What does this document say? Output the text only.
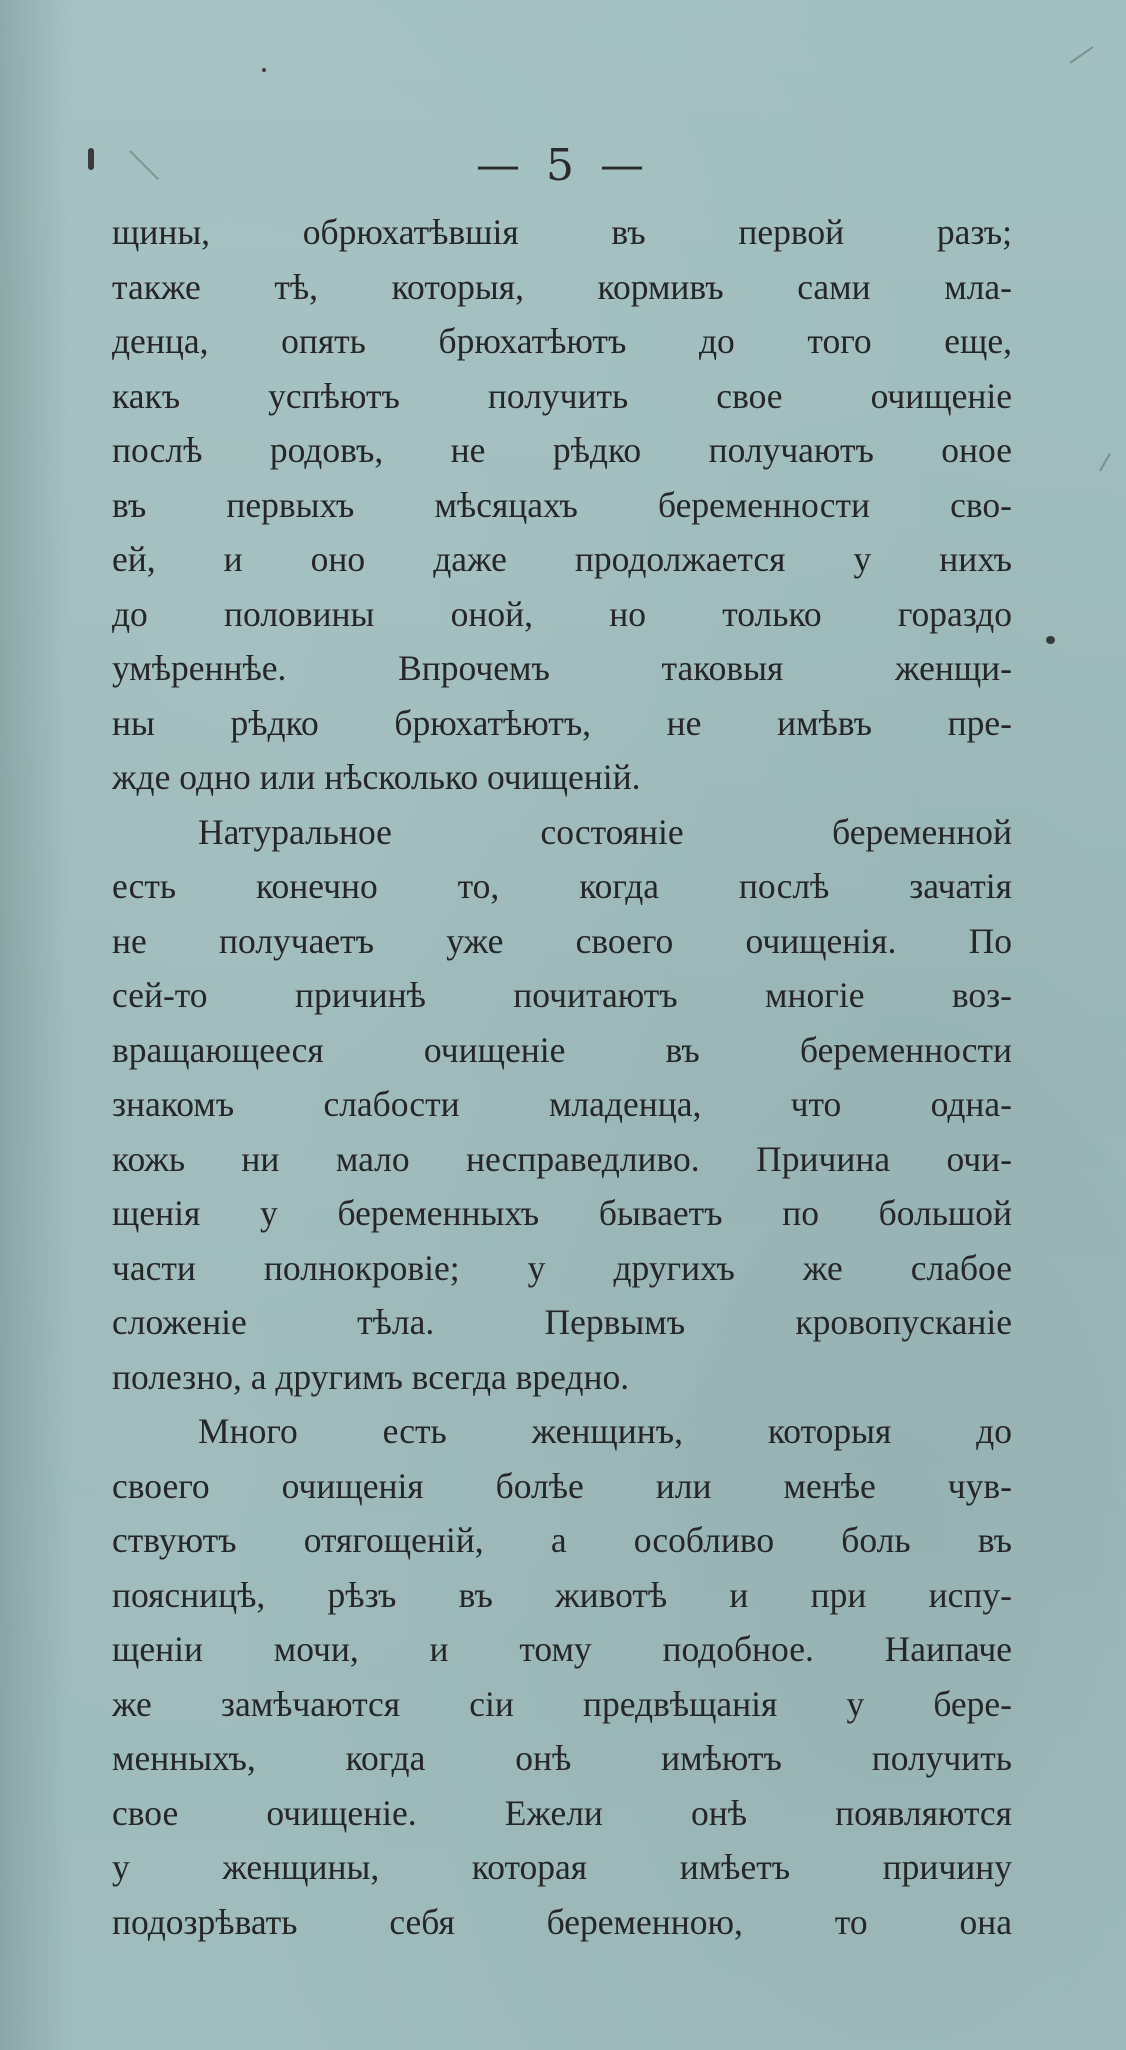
— 5 —
щины, обрюхатѣвшія въ первой разъ;
также тѣ, которыя, кормивъ сами мла-
денца, опять брюхатѣютъ до того еще,
какъ успѣютъ получить свое очищеніе
послѣ родовъ, не рѣдко получаютъ оное
въ первыхъ мѣсяцахъ беременности сво-
ей, и оно даже продолжается у нихъ
до половины оной, но только гораздо
умѣреннѣе. Впрочемъ таковыя женщи-
ны рѣдко брюхатѣютъ, не имѣвъ пре-
жде одно или нѣсколько очищеній.
Натуральное состояніе беременной
есть конечно то, когда послѣ зачатія
не получаетъ уже своего очищенія. По
сей-то причинѣ почитаютъ многіе воз-
вращающееся очищеніе въ беременности
знакомъ слабости младенца, что одна-
кожь ни мало несправедливо. Причина очи-
щенія у беременныхъ бываетъ по большой
части полнокровіе; у другихъ же слабое
сложеніе тѣла. Первымъ кровопусканіе
полезно, а другимъ всегда вредно.
Много есть женщинъ, которыя до
своего очищенія болѣе или менѣе чув-
ствуютъ отягощеній, а особливо боль въ
поясницѣ, рѣзъ въ животѣ и при испу-
щеніи мочи, и тому подобное. Наипаче
же замѣчаются сіи предвѣщанія у бере-
менныхъ, когда онѣ имѣютъ получить
свое очищеніе. Ежели онѣ появляются
у женщины, которая имѣетъ причину
подозрѣвать себя беременною, то она
